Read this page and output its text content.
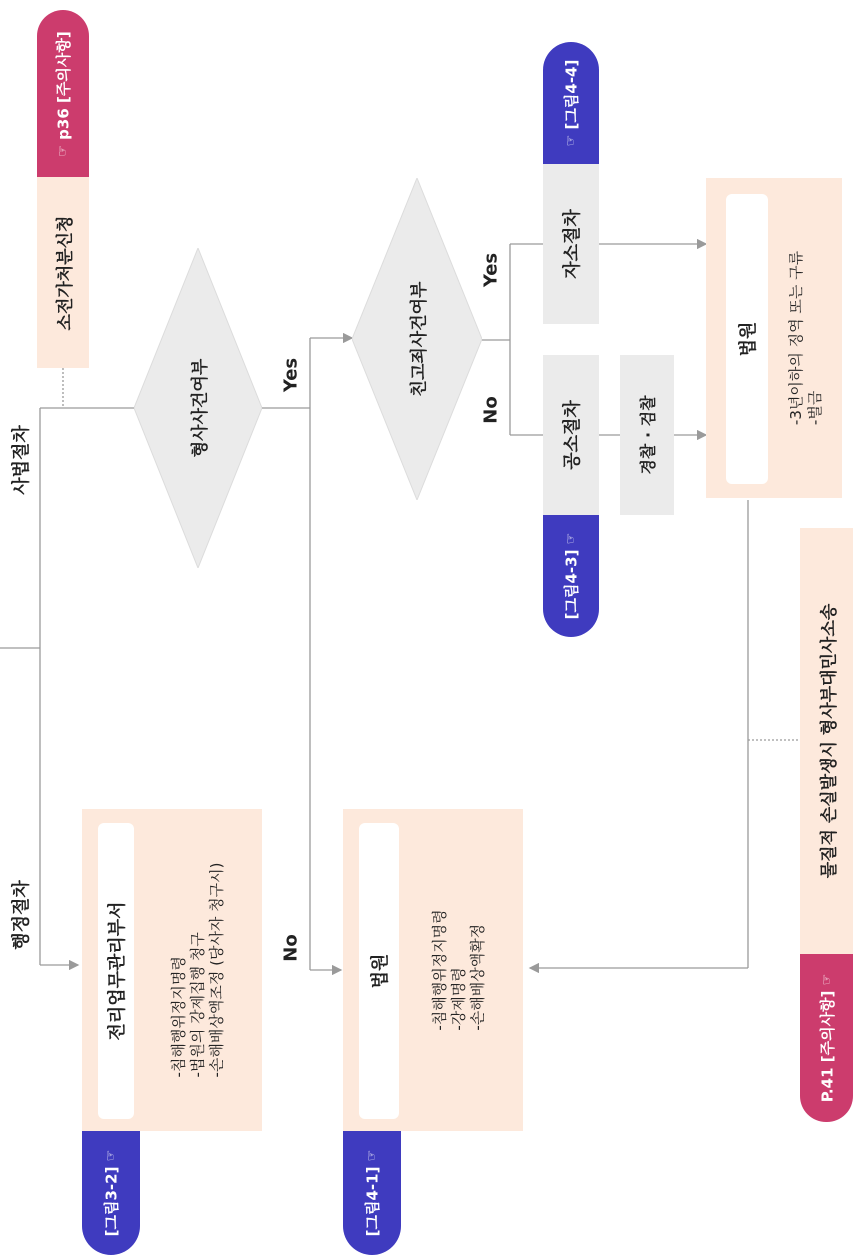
행정절차
사법절차
Yes
No
Yes
No
형사사건여부
친고죄사건여부
소전가처분신청
☞

p36 [주의사항]
자소절차
☞

[그림4-4]
공소절차
[그림4-3]

☞
경찰 · 검찰
법원 -3년이하의 징역 또는 구류 -벌금
전리업무관리부서	-침해행위정지명령 -법원의 강제집행 청구 -손해배상액조정 (당사자 청구시)
[그림3-2]

☞
법원	-침해행위정지명령 -강제명령 -손해배상액확정
[그림4-1]

☞
물질적 손실발생시 형사부대민사소송
P.41 [주의사항]

☞
